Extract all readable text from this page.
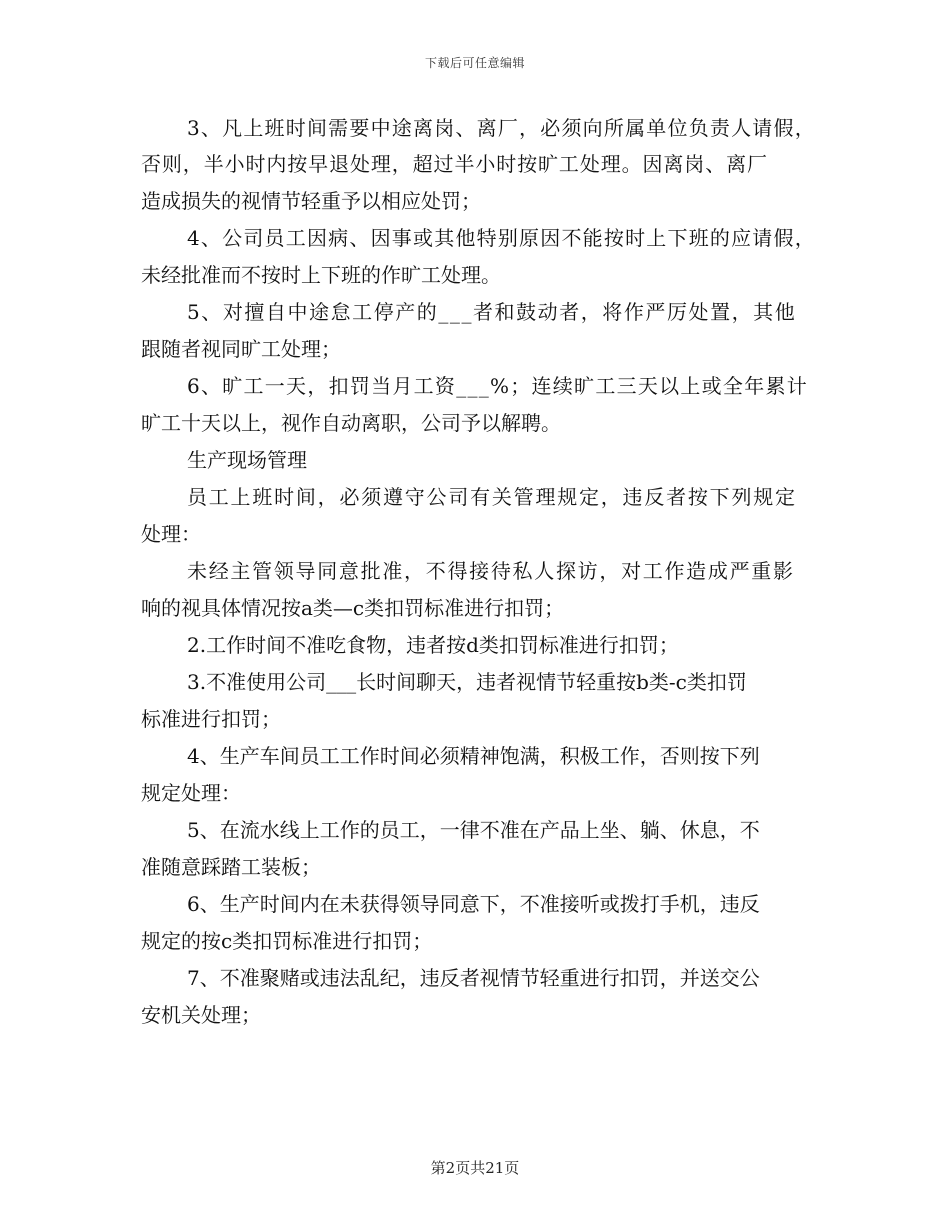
下载后可任意编辑
3、凡上班时间需要中途离岗、离厂，必须向所属单位负责人请假，
否则，半小时内按早退处理，超过半小时按旷工处理。因离岗、离厂
造成损失的视情节轻重予以相应处罚；
4、公司员工因病、因事或其他特别原因不能按时上下班的应请假，
未经批准而不按时上下班的作旷工处理。
5、对擅自中途怠工停产的___者和鼓动者，将作严厉处置，其他
跟随者视同旷工处理；
6、旷工一天，扣罚当月工资___%；连续旷工三天以上或全年累计
旷工十天以上，视作自动离职，公司予以解聘。
生产现场管理
员工上班时间，必须遵守公司有关管理规定，违反者按下列规定
处理：
未经主管领导同意批准，不得接待私人探访，对工作造成严重影
响的视具体情况按a类—c类扣罚标准进行扣罚；
2.工作时间不准吃食物，违者按d类扣罚标准进行扣罚；
3.不准使用公司___长时间聊天，违者视情节轻重按b类-c类扣罚
标准进行扣罚；
4、生产车间员工工作时间必须精神饱满，积极工作，否则按下列
规定处理：
5、在流水线上工作的员工，一律不准在产品上坐、躺、休息，不
准随意踩踏工装板；
6、生产时间内在未获得领导同意下，不准接听或拨打手机，违反
规定的按c类扣罚标准进行扣罚；
7、不准聚赌或违法乱纪，违反者视情节轻重进行扣罚，并送交公
安机关处理；
第2页共21页
